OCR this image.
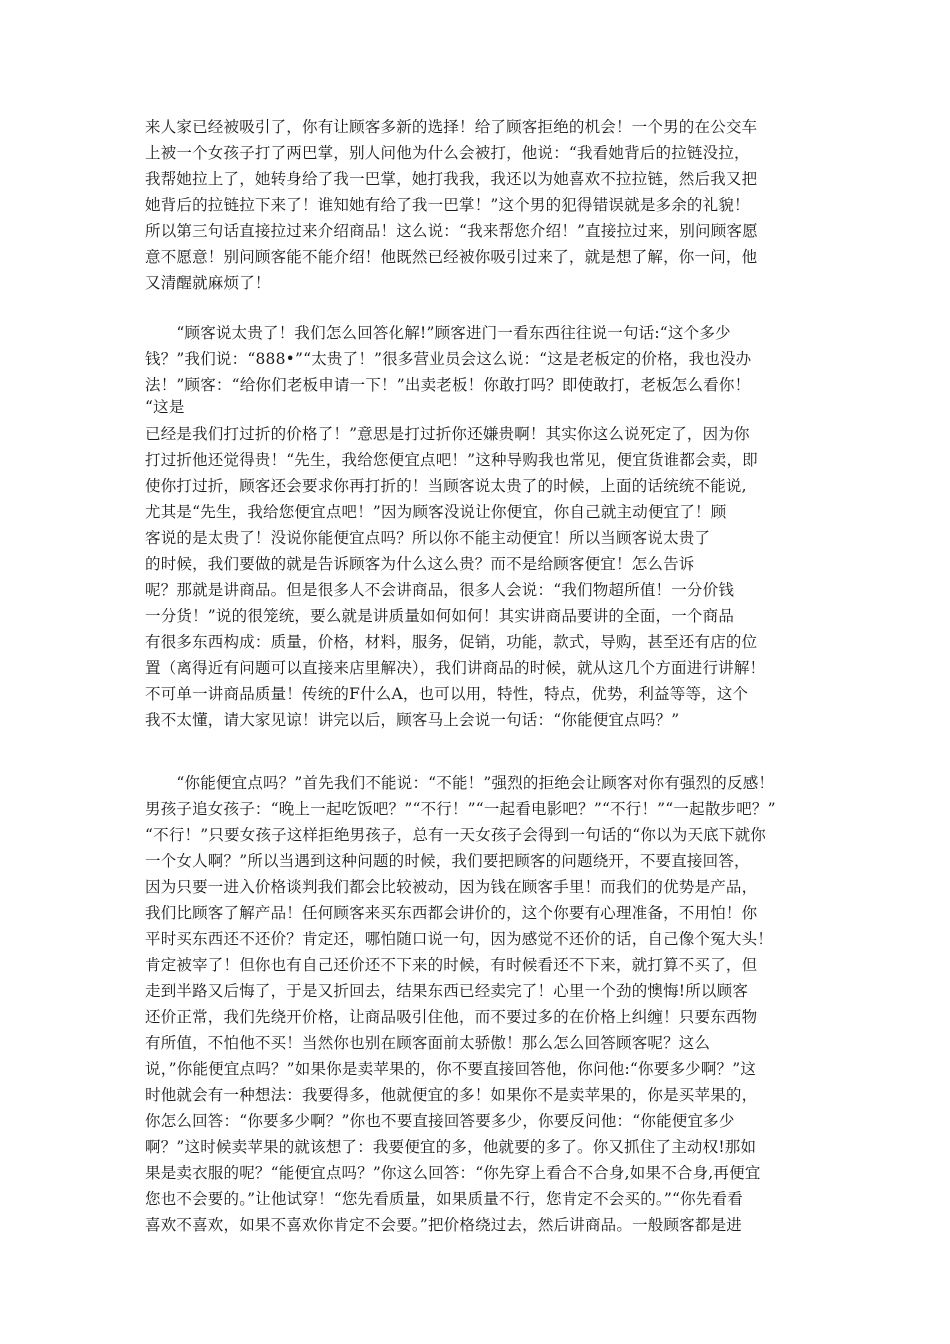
来人家已经被吸引了，你有让顾客多新的选择！给了顾客拒绝的机会！一个男的在公交车
上被一个女孩子打了两巴掌，别人问他为什么会被打，他说：“我看她背后的拉链没拉，
我帮她拉上了，她转身给了我一巴掌，她打我我，我还以为她喜欢不拉拉链，然后我又把
她背后的拉链拉下来了！谁知她有给了我一巴掌！”这个男的犯得错误就是多余的礼貌！
所以第三句话直接拉过来介绍商品！这么说：“我来帮您介绍！”直接拉过来，别问顾客愿
意不愿意！别问顾客能不能介绍！他既然已经被你吸引过来了，就是想了解，你一问，他
又清醒就麻烦了！
　　“顾客说太贵了！我们怎么回答化解!”顾客进门一看东西往往说一句话:“这个多少
钱？”我们说：“888•”“太贵了！”很多营业员会这么说：“这是老板定的价格，我也没办
法！”顾客：“给你们老板申请一下！”出卖老板！你敢打吗？即使敢打，老板怎么看你！
“这是
已经是我们打过折的价格了！”意思是打过折你还嫌贵啊！其实你这么说死定了，因为你
打过折他还觉得贵！“先生，我给您便宜点吧！”这种导购我也常见，便宜货谁都会卖，即
使你打过折，顾客还会要求你再打折的！当顾客说太贵了的时候，上面的话统统不能说,
尤其是“先生，我给您便宜点吧！”因为顾客没说让你便宜，你自己就主动便宜了！顾
客说的是太贵了！没说你能便宜点吗？所以你不能主动便宜！所以当顾客说太贵了
的时候，我们要做的就是告诉顾客为什么这么贵？而不是给顾客便宜！怎么告诉
呢？那就是讲商品。但是很多人不会讲商品，很多人会说：“我们物超所值！一分价钱
一分货！”说的很笼统，要么就是讲质量如何如何！其实讲商品要讲的全面，一个商品
有很多东西构成：质量，价格，材料，服务，促销，功能，款式，导购，甚至还有店的位
置（离得近有问题可以直接来店里解决），我们讲商品的时候，就从这几个方面进行讲解！
不可单一讲商品质量！传统的F什么A，也可以用，特性，特点，优势，利益等等，这个
我不太懂，请大家见谅！讲完以后，顾客马上会说一句话：“你能便宜点吗？”
　　“你能便宜点吗？”首先我们不能说：“不能！”强烈的拒绝会让顾客对你有强烈的反感！
男孩子追女孩子：“晚上一起吃饭吧？”“不行！”“一起看电影吧？”“不行！”“一起散步吧？”
“不行！”只要女孩子这样拒绝男孩子，总有一天女孩子会得到一句话的“你以为天底下就你
一个女人啊？”所以当遇到这种问题的时候，我们要把顾客的问题绕开，不要直接回答，
因为只要一进入价格谈判我们都会比较被动，因为钱在顾客手里！而我们的优势是产品，
我们比顾客了解产品！任何顾客来买东西都会讲价的，这个你要有心理准备，不用怕！你
平时买东西还不还价？肯定还，哪怕随口说一句，因为感觉不还价的话，自己像个冤大头！
肯定被宰了！但你也有自己还价还不下来的时候，有时候看还不下来，就打算不买了，但
走到半路又后悔了，于是又折回去，结果东西已经卖完了！心里一个劲的懊悔!所以顾客
还价正常，我们先绕开价格，让商品吸引住他，而不要过多的在价格上纠缠！只要东西物
有所值，不怕他不买！当然你也别在顾客面前太骄傲！那么怎么回答顾客呢？这么
说，”你能便宜点吗？”如果你是卖苹果的，你不要直接回答他，你问他:“你要多少啊？”这
时他就会有一种想法：我要得多，他就便宜的多！如果你不是卖苹果的，你是买苹果的，
你怎么回答：“你要多少啊？”你也不要直接回答要多少，你要反问他：“你能便宜多少
啊？”这时候卖苹果的就该想了：我要便宜的多，他就要的多了。你又抓住了主动权!那如
果是卖衣服的呢？“能便宜点吗？”你这么回答：“你先穿上看合不合身,如果不合身,再便宜
您也不会要的。”让他试穿！“您先看质量，如果质量不行，您肯定不会买的。”“你先看看
喜欢不喜欢，如果不喜欢你肯定不会要。”把价格绕过去，然后讲商品。一般顾客都是进
